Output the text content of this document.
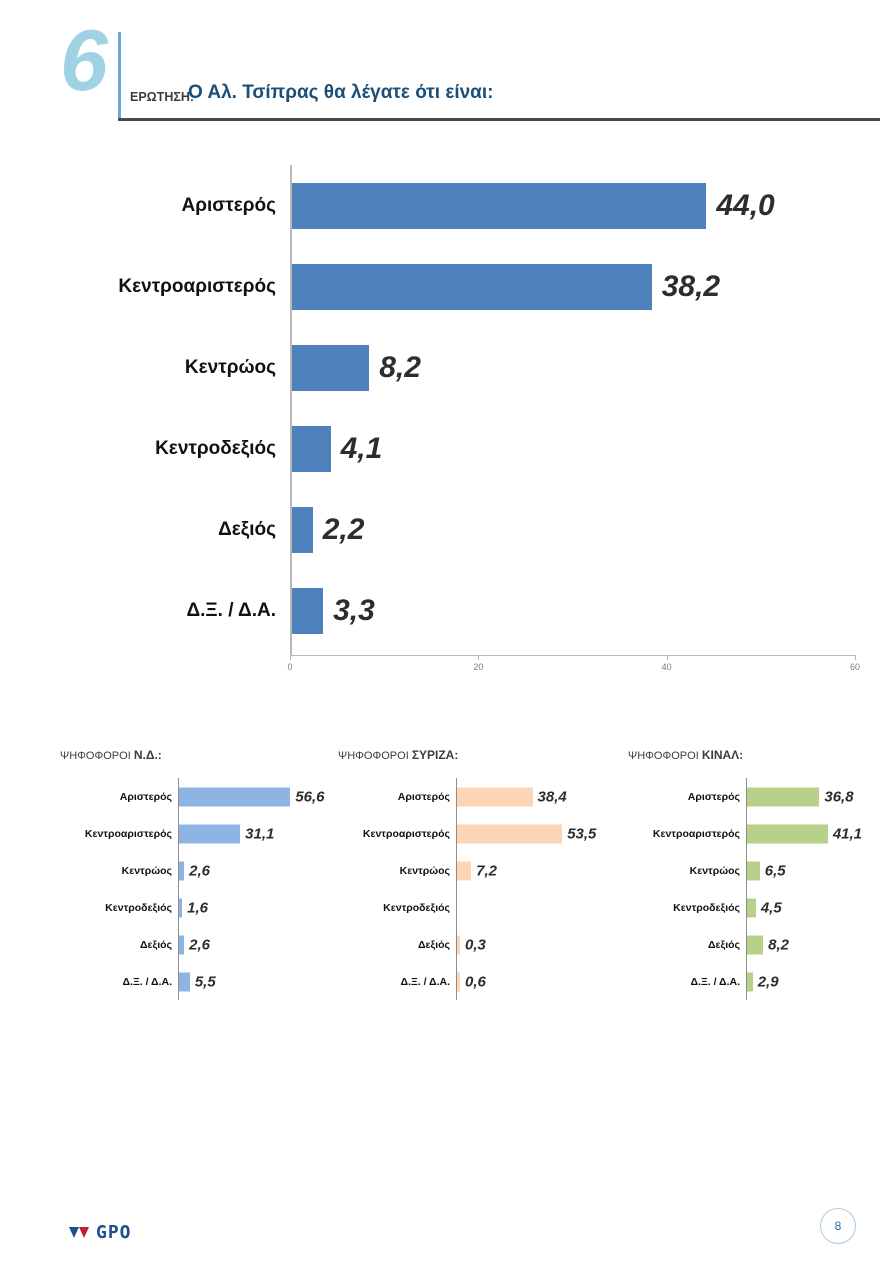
6 ΕΡΩΤΗΣΗ:
Ο Αλ. Τσίπρας θα λέγατε ότι είναι:
Αριστερός	44,0
Κεντροαριστερός	38,2
Κεντρώος	8,2
Κεντροδεξιός 4,1
Δεξιός 2,2
Δ.Ξ. / Δ.Α. 3,3
0	20	40	60
ΨΗΦΟΦΟΡΟΙ Ν.Δ.:
Αριστερός	56,6
Κεντροαριστερός	31,1
Κεντρώος 2,6
Κεντροδεξιός 1,6
Δεξιός 2,6
Δ.Ξ. / Δ.Α. 5,5
ΨΗΦΟΦΟΡΟΙ ΣΥΡΙΖΑ:
Αριστερός	38,4
Κεντροαριστερός	53,5
Κεντρώος 7,2
Κεντροδεξιός
Δεξιός 0,3
Δ.Ξ. / Δ.Α. 0,6
ΨΗΦΟΦΟΡΟΙ ΚΙΝΑΛ:
Αριστερός	36,8
Κεντροαριστερός	41,1
Κεντρώος 6,5
Κεντροδεξιός 4,5
Δεξιός 8,2
Δ.Ξ. / Δ.Α. 2,9
GPO	8
